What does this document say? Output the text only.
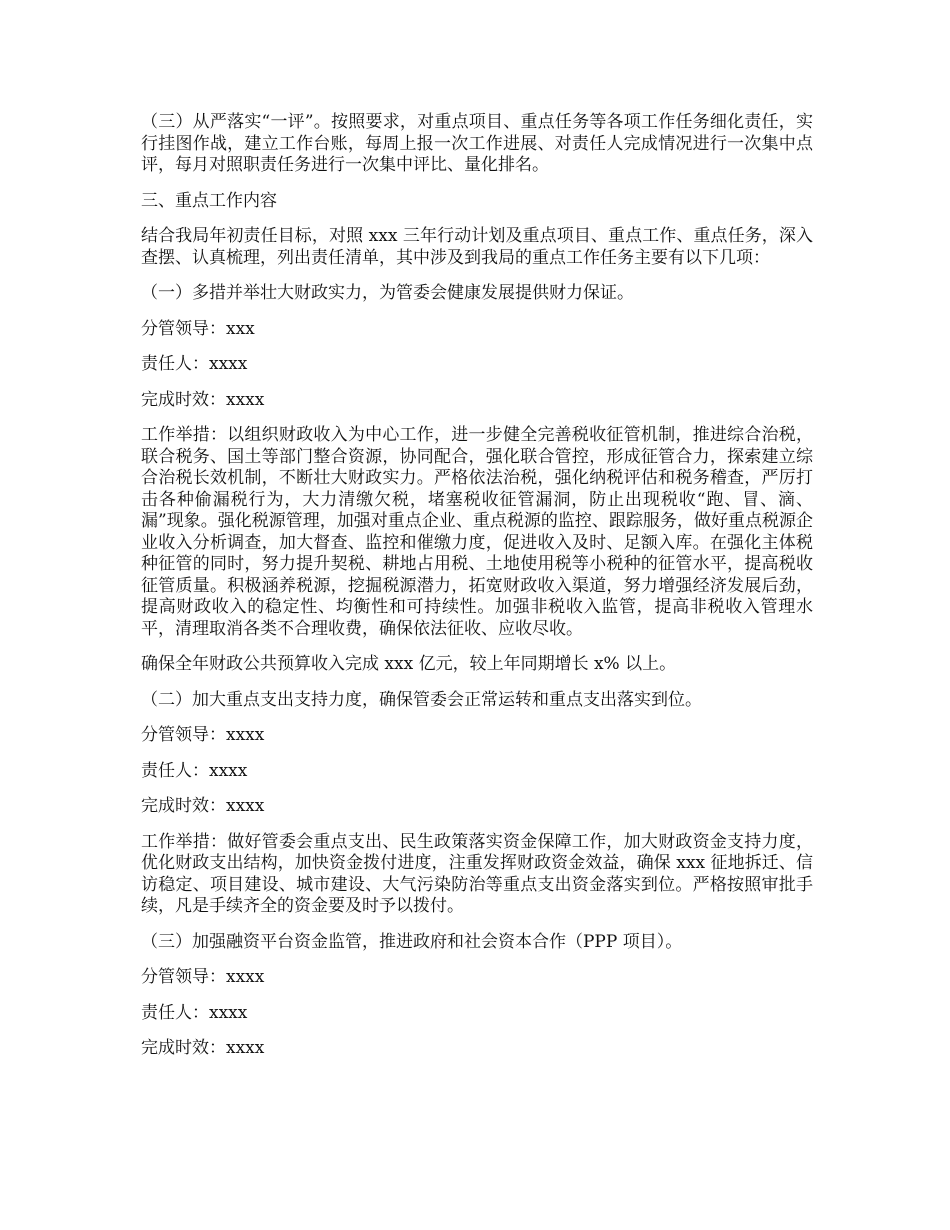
（三）从严落实“一评”。按照要求，对重点项目、重点任务等各项工作任务细化责任，实行挂图作战，建立工作台账，每周上报一次工作进展、对责任人完成情况进行一次集中点评，每月对照职责任务进行一次集中评比、量化排名。

三、重点工作内容

结合我局年初责任目标，对照 xxx 三年行动计划及重点项目、重点工作、重点任务，深入查摆、认真梳理，列出责任清单，其中涉及到我局的重点工作任务主要有以下几项：

（一）多措并举壮大财政实力，为管委会健康发展提供财力保证。

分管领导：xxx

责任人：xxxx

完成时效：xxxx

工作举措：以组织财政收入为中心工作，进一步健全完善税收征管机制，推进综合治税，联合税务、国土等部门整合资源，协同配合，强化联合管控，形成征管合力，探索建立综合治税长效机制，不断壮大财政实力。严格依法治税，强化纳税评估和税务稽查，严厉打击各种偷漏税行为，大力清缴欠税，堵塞税收征管漏洞，防止出现税收“跑、冒、滴、漏”现象。强化税源管理，加强对重点企业、重点税源的监控、跟踪服务，做好重点税源企业收入分析调查，加大督查、监控和催缴力度，促进收入及时、足额入库。在强化主体税种征管的同时，努力提升契税、耕地占用税、土地使用税等小税种的征管水平，提高税收征管质量。积极涵养税源，挖掘税源潜力，拓宽财政收入渠道，努力增强经济发展后劲，提高财政收入的稳定性、均衡性和可持续性。加强非税收入监管，提高非税收入管理水平，清理取消各类不合理收费，确保依法征收、应收尽收。

确保全年财政公共预算收入完成 xxx 亿元，较上年同期增长 x% 以上。

（二）加大重点支出支持力度，确保管委会正常运转和重点支出落实到位。

分管领导：xxxx

责任人：xxxx

完成时效：xxxx

工作举措：做好管委会重点支出、民生政策落实资金保障工作，加大财政资金支持力度，优化财政支出结构，加快资金拨付进度，注重发挥财政资金效益，确保 xxx 征地拆迁、信访稳定、项目建设、城市建设、大气污染防治等重点支出资金落实到位。严格按照审批手续，凡是手续齐全的资金要及时予以拨付。

（三）加强融资平台资金监管，推进政府和社会资本合作（PPP 项目）。

分管领导：xxxx

责任人：xxxx

完成时效：xxxx
